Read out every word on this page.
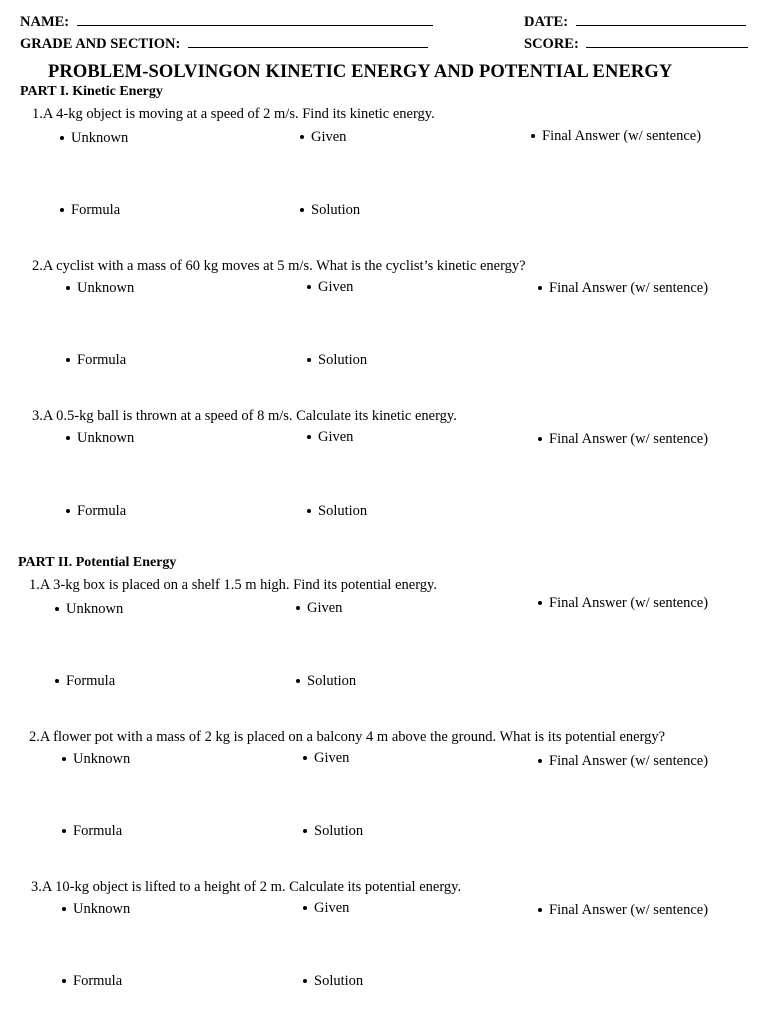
NAME:	DATE:
GRADE AND SECTION:	SCORE:
PROBLEM-SOLVINGON KINETIC ENERGY AND POTENTIAL ENERGY
PART I. Kinetic Energy
1.A 4-kg object is moving at a speed of 2 m/s. Find its kinetic energy.
Unknown	Given	Final Answer (w/ sentence)
Formula	Solution
2.A cyclist with a mass of 60 kg moves at 5 m/s. What is the cyclist’s kinetic energy?
Unknown	Given	Final Answer (w/ sentence)
Formula	Solution
3.A 0.5-kg ball is thrown at a speed of 8 m/s. Calculate its kinetic energy.
Unknown	Given	Final Answer (w/ sentence)
Formula	Solution
PART II. Potential Energy
1.A 3-kg box is placed on a shelf 1.5 m high. Find its potential energy.
Unknown	Given	Final Answer (w/ sentence)
Formula	Solution
2.A flower pot with a mass of 2 kg is placed on a balcony 4 m above the ground. What is its potential energy?
Unknown	Given	Final Answer (w/ sentence)
Formula	Solution
3.A 10-kg object is lifted to a height of 2 m. Calculate its potential energy.
Unknown	Given	Final Answer (w/ sentence)
Formula	Solution
